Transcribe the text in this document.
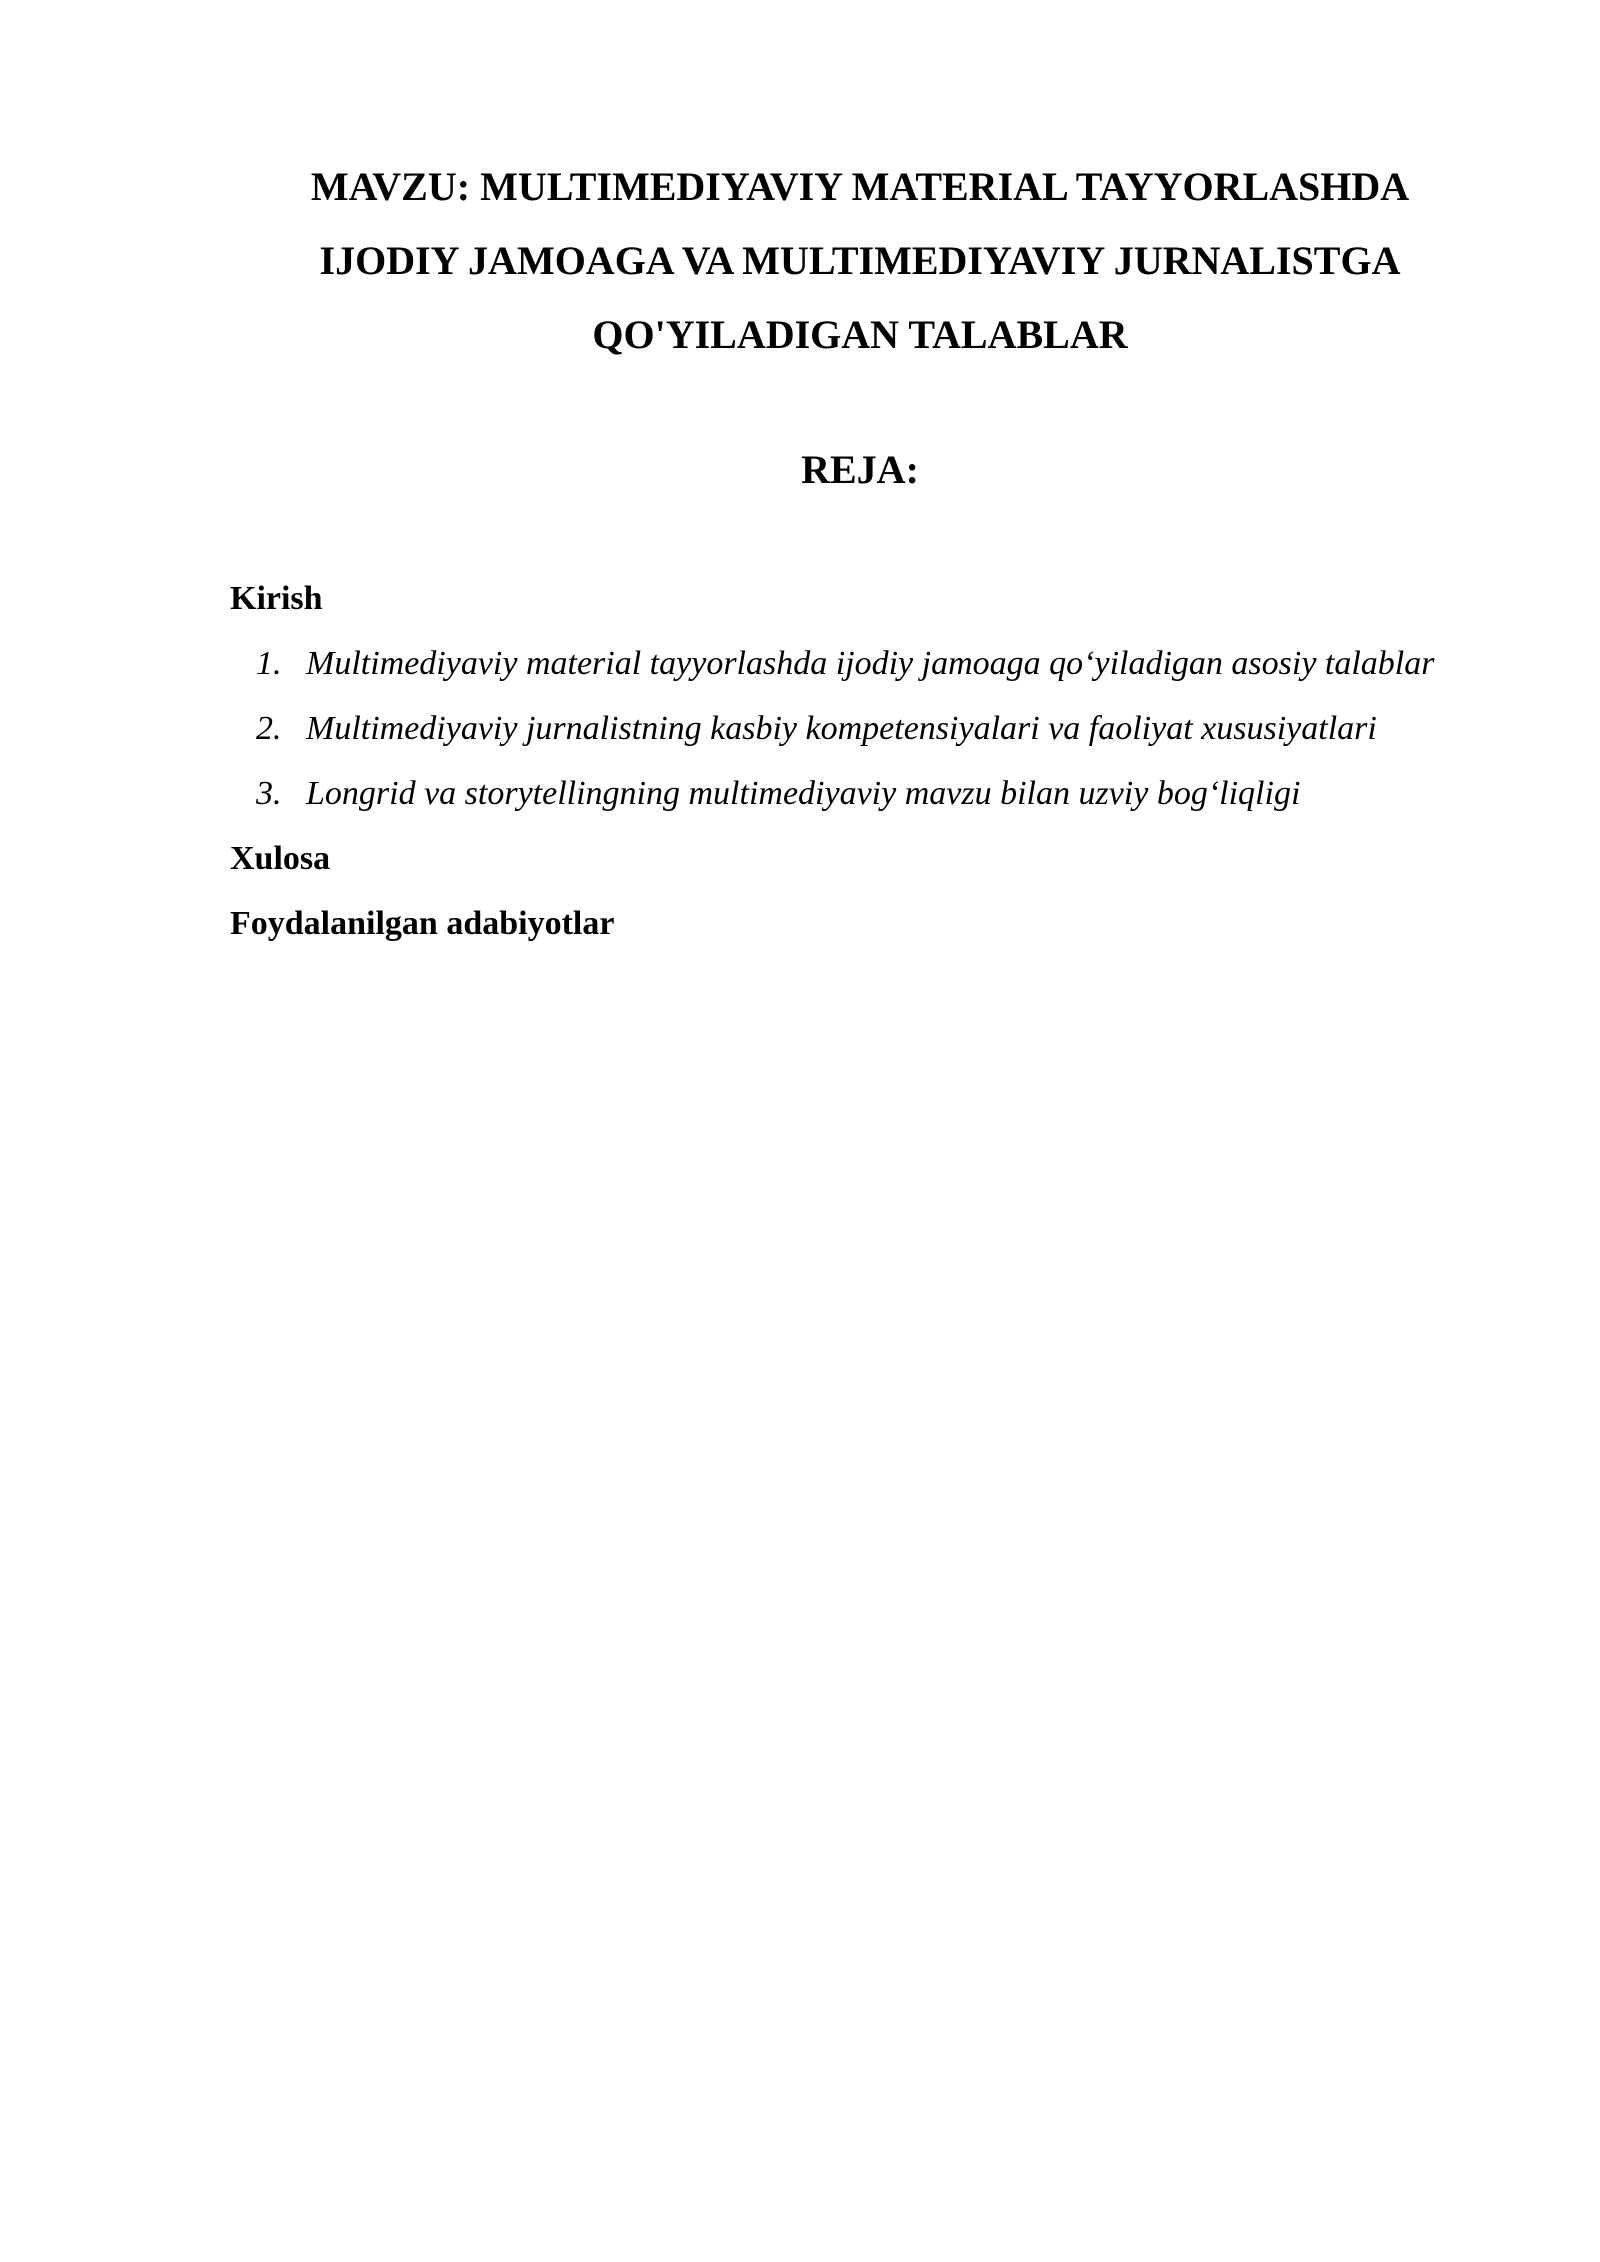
MAVZU: MULTIMEDIYAVIY MATERIAL TAYYORLASHDA
IJODIY JAMOAGA VA MULTIMEDIYAVIY JURNALISTGA
QO'YILADIGAN TALABLAR
REJA:
Kirish
1. Multimediyaviy material tayyorlashda ijodiy jamoaga qo‘yiladigan asosiy talablar
2. Multimediyaviy jurnalistning kasbiy kompetensiyalari va faoliyat xususiyatlari
3. Longrid va storytellingning multimediyaviy mavzu bilan uzviy bog‘liqligi
Xulosa
Foydalanilgan adabiyotlar
